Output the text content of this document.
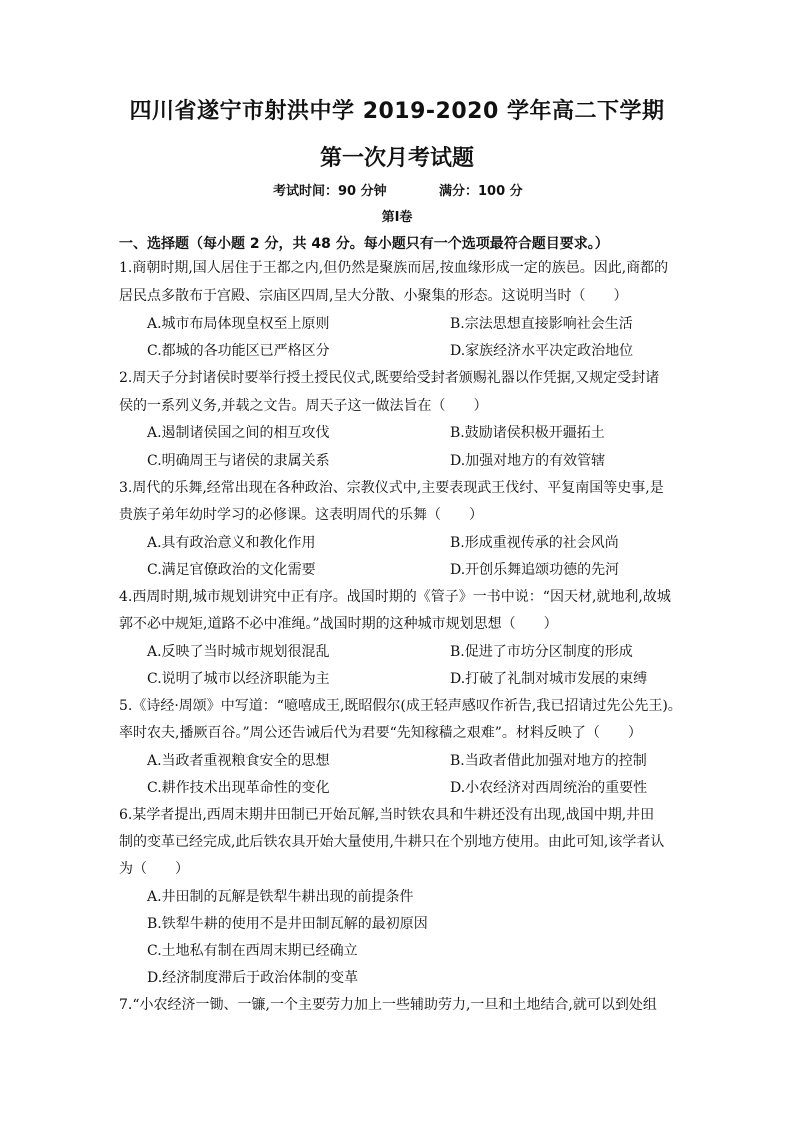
四川省遂宁市射洪中学 2019-2020 学年高二下学期
第一次月考试题
考试时间：90 分钟	满分：100 分
第Ⅰ卷
一、选择题（每小题 2 分，共 48 分。每小题只有一个选项最符合题目要求。）
1.商朝时期,国人居住于王都之内,但仍然是聚族而居,按血缘形成一定的族邑。因此,商都的
居民点多散布于宫殿、宗庙区四周,呈大分散、小聚集的形态。这说明当时（　　）
A.城市布局体现皇权至上原则	B.宗法思想直接影响社会生活
C.都城的各功能区已严格区分	D.家族经济水平决定政治地位
2.周天子分封诸侯时要举行授土授民仪式,既要给受封者颁赐礼器以作凭据,又规定受封诸
侯的一系列义务,并载之文告。周天子这一做法旨在（　　）
A.遏制诸侯国之间的相互攻伐	B.鼓励诸侯积极开疆拓土
C.明确周王与诸侯的隶属关系	D.加强对地方的有效管辖
3.周代的乐舞,经常出现在各种政治、宗教仪式中,主要表现武王伐纣、平复南国等史事,是
贵族子弟年幼时学习的必修课。这表明周代的乐舞（　　）
A.具有政治意义和教化作用	B.形成重视传承的社会风尚
C.满足官僚政治的文化需要	D.开创乐舞追颂功德的先河
4.西周时期,城市规划讲究中正有序。战国时期的《管子》一书中说：“因天材,就地利,故城
郭不必中规矩,道路不必中准绳。”战国时期的这种城市规划思想（　　）
A.反映了当时城市规划很混乱	B.促进了市坊分区制度的形成
C.说明了城市以经济职能为主	D.打破了礼制对城市发展的束缚
5.《诗经·周颂》中写道：“噫嘻成王,既昭假尔(成王轻声感叹作祈告,我已招请过先公先王)。
率时农夫,播厥百谷。”周公还告诫后代为君要“先知稼穑之艰难”。材料反映了（　　）
A.当政者重视粮食安全的思想	B.当政者借此加强对地方的控制
C.耕作技术出现革命性的变化	D.小农经济对西周统治的重要性
6.某学者提出,西周末期井田制已开始瓦解,当时铁农具和牛耕还没有出现,战国中期,井田
制的变革已经完成,此后铁农具开始大量使用,牛耕只在个别地方使用。由此可知,该学者认
为（　　）
A.井田制的瓦解是铁犁牛耕出现的前提条件
B.铁犁牛耕的使用不是井田制瓦解的最初原因
C.土地私有制在西周末期已经确立
D.经济制度滞后于政治体制的变革
7.“小农经济一锄、一镰,一个主要劳力加上一些辅助劳力,一旦和土地结合,就可以到处组
